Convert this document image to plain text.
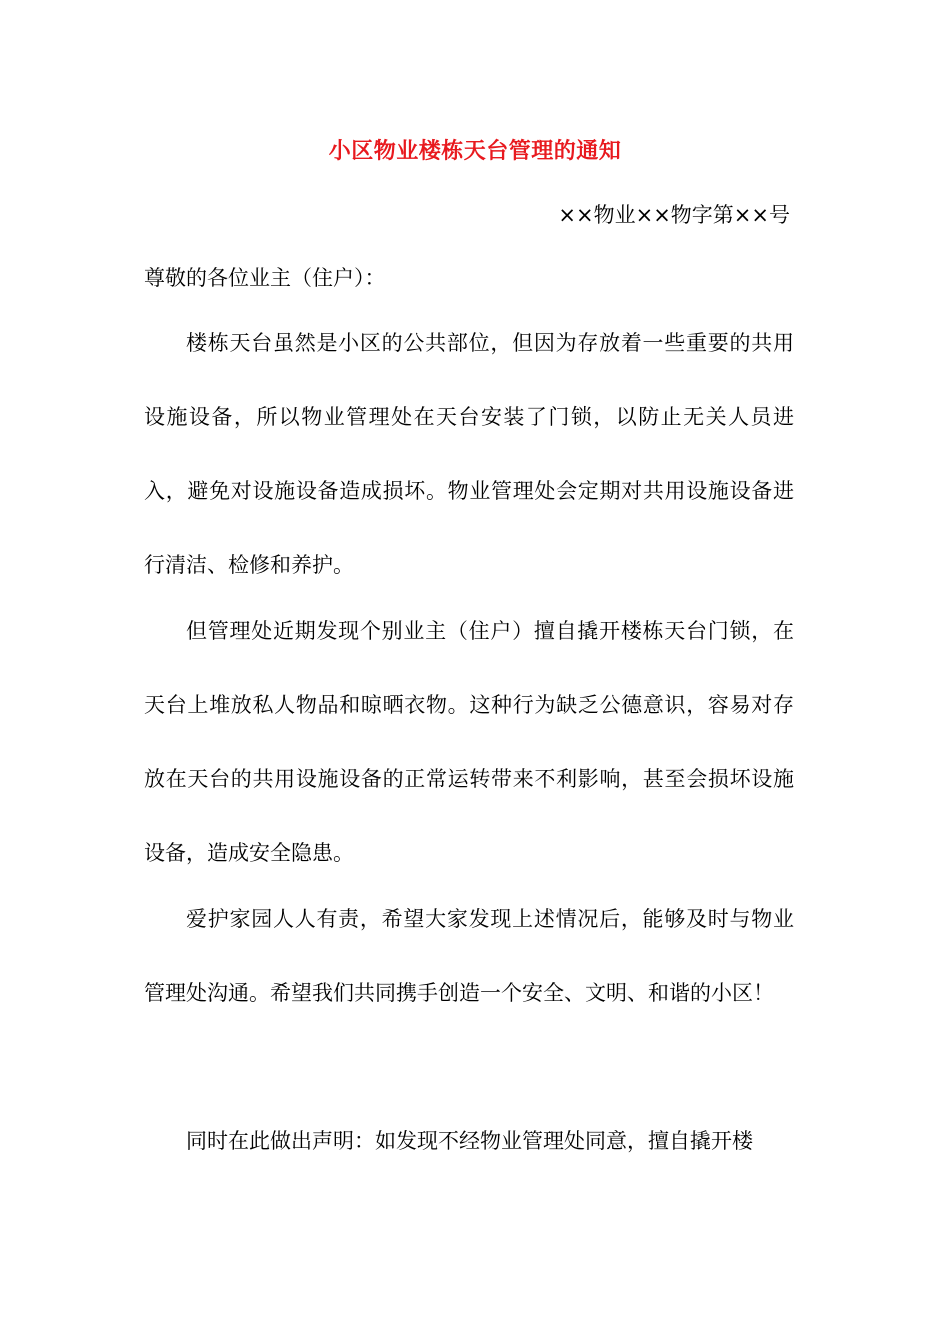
小区物业楼栋天台管理的通知
××物业××物字第××号
尊敬的各位业主（住户）：

楼栋天台虽然是小区的公共部位，但因为存放着一些重要的共用设施设备，所以物业管理处在天台安装了门锁，以防止无关人员进入，避免对设施设备造成损坏。物业管理处会定期对共用设施设备进行清洁、检修和养护。

但管理处近期发现个别业主（住户）擅自撬开楼栋天台门锁，在天台上堆放私人物品和晾晒衣物。这种行为缺乏公德意识，容易对存放在天台的共用设施设备的正常运转带来不利影响，甚至会损坏设施设备，造成安全隐患。

爱护家园人人有责，希望大家发现上述情况后，能够及时与物业管理处沟通。希望我们共同携手创造一个安全、文明、和谐的小区！

同时在此做出声明：如发现不经物业管理处同意，擅自撬开楼
